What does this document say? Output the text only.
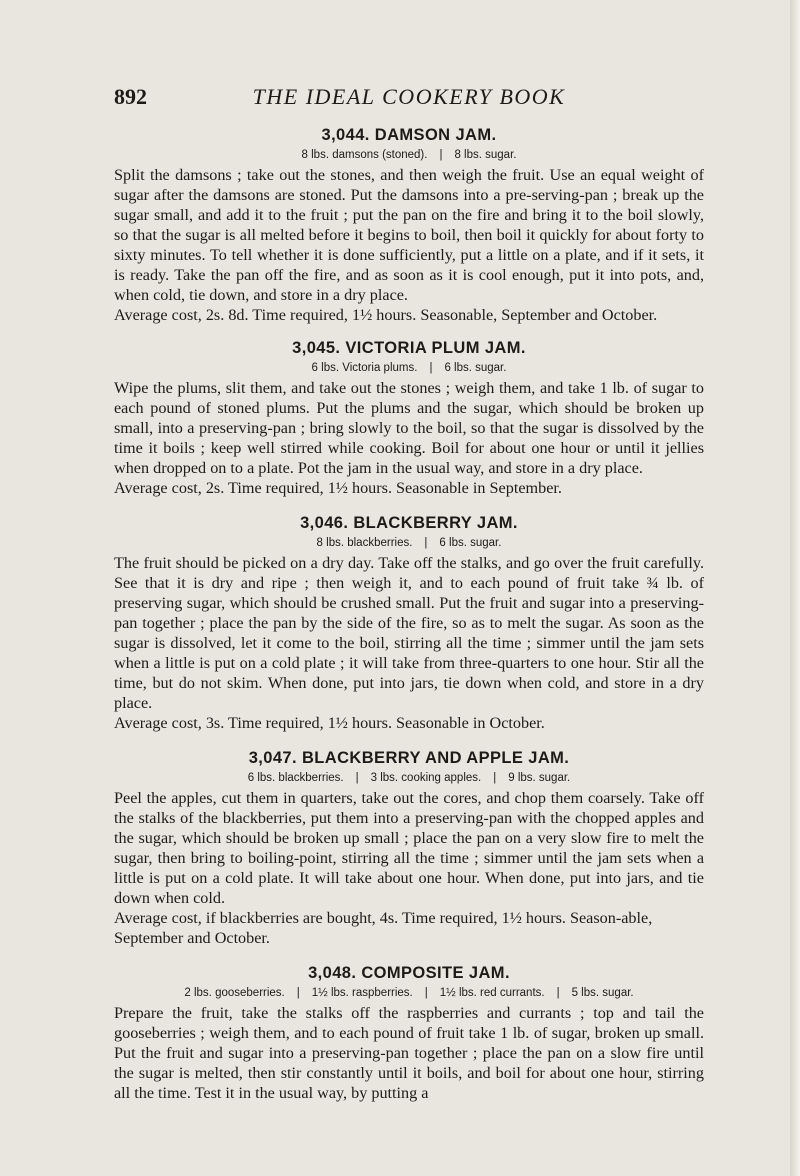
892	THE IDEAL COOKERY BOOK
3,044. DAMSON JAM.
8 lbs. damsons (stoned). | 8 lbs. sugar.

Split the damsons ; take out the stones, and then weigh the fruit. Use an equal weight of sugar after the damsons are stoned. Put the damsons into a pre-serving-pan ; break up the sugar small, and add it to the fruit ; put the pan on the fire and bring it to the boil slowly, so that the sugar is all melted before it begins to boil, then boil it quickly for about forty to sixty minutes. To tell whether it is done sufficiently, put a little on a plate, and if it sets, it is ready. Take the pan off the fire, and as soon as it is cool enough, put it into pots, and, when cold, tie down, and store in a dry place.

Average cost, 2s. 8d. Time required, 1½ hours. Seasonable, September and October.

3,045. VICTORIA PLUM JAM.
6 lbs. Victoria plums. | 6 lbs. sugar.

Wipe the plums, slit them, and take out the stones ; weigh them, and take 1 lb. of sugar to each pound of stoned plums. Put the plums and the sugar, which should be broken up small, into a preserving-pan ; bring slowly to the boil, so that the sugar is dissolved by the time it boils ; keep well stirred while cooking. Boil for about one hour or until it jellies when dropped on to a plate. Pot the jam in the usual way, and store in a dry place.

Average cost, 2s. Time required, 1½ hours. Seasonable in September.

3,046. BLACKBERRY JAM.
8 lbs. blackberries. | 6 lbs. sugar.

The fruit should be picked on a dry day. Take off the stalks, and go over the fruit carefully. See that it is dry and ripe ; then weigh it, and to each pound of fruit take ¾ lb. of preserving sugar, which should be crushed small. Put the fruit and sugar into a preserving-pan together ; place the pan by the side of the fire, so as to melt the sugar. As soon as the sugar is dissolved, let it come to the boil, stirring all the time ; simmer until the jam sets when a little is put on a cold plate ; it will take from three-quarters to one hour. Stir all the time, but do not skim. When done, put into jars, tie down when cold, and store in a dry place.

Average cost, 3s. Time required, 1½ hours. Seasonable in October.

3,047. BLACKBERRY AND APPLE JAM.
6 lbs. blackberries. | 3 lbs. cooking apples. | 9 lbs. sugar.

Peel the apples, cut them in quarters, take out the cores, and chop them coarsely. Take off the stalks of the blackberries, put them into a preserving-pan with the chopped apples and the sugar, which should be broken up small ; place the pan on a very slow fire to melt the sugar, then bring to boiling-point, stirring all the time ; simmer until the jam sets when a little is put on a cold plate. It will take about one hour. When done, put into jars, and tie down when cold.

Average cost, if blackberries are bought, 4s. Time required, 1½ hours. Season-able, September and October.

3,048. COMPOSITE JAM.
2 lbs. gooseberries. | 1½ lbs. raspberries. | 1½ lbs. red currants. | 5 lbs. sugar.

Prepare the fruit, take the stalks off the raspberries and currants ; top and tail the gooseberries ; weigh them, and to each pound of fruit take 1 lb. of sugar, broken up small. Put the fruit and sugar into a preserving-pan together ; place the pan on a slow fire until the sugar is melted, then stir constantly until it boils, and boil for about one hour, stirring all the time. Test it in the usual way, by putting a
